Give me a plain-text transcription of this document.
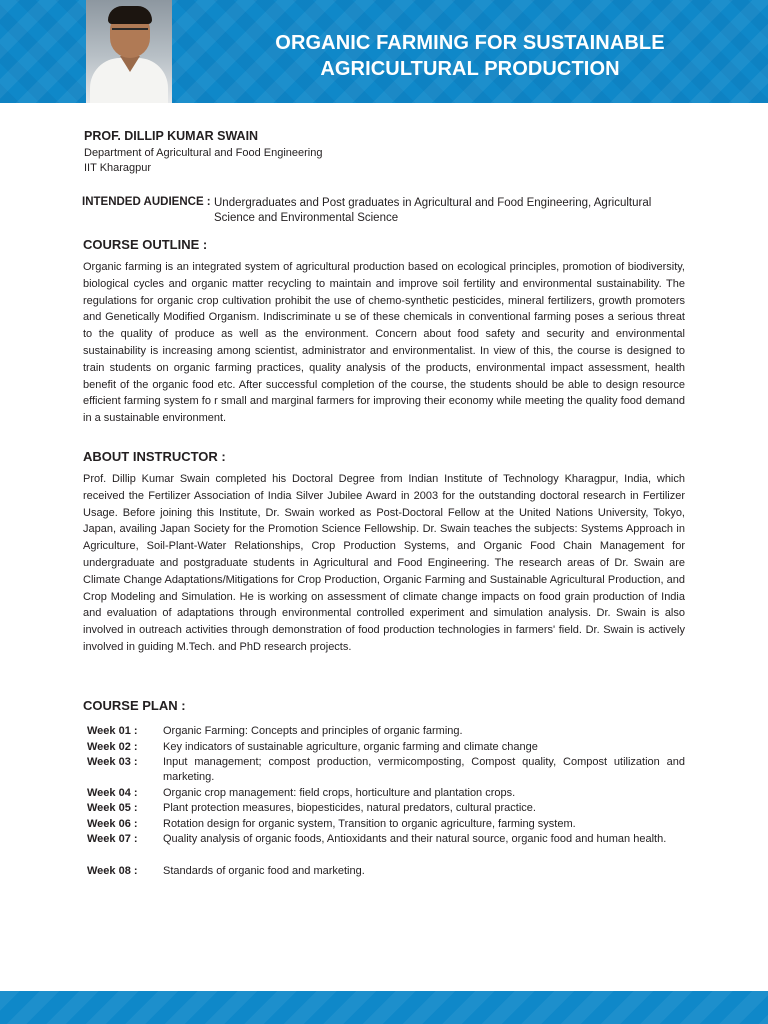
ORGANIC FARMING FOR SUSTAINABLE
AGRICULTURAL PRODUCTION
PROF. DILLIP KUMAR SWAIN
Department of Agricultural and Food Engineering
IIT Kharagpur
INTENDED AUDIENCE : Undergraduates and Post graduates in Agricultural and Food Engineering, Agricultural Science and Environmental Science
COURSE OUTLINE :

Organic farming is an integrated system of agricultural production based on ecological principles, promotion of biodiversity, biological cycles and organic matter recycling to maintain and improve soil fertility and environmental sustainability. The regulations for organic crop cultivation prohibit the use of chemo-synthetic pesticides, mineral fertilizers, growth promoters and Genetically Modified Organism. Indiscriminate u se of these chemicals in conventional farming poses a serious threat to the quality of produce as well as the environment. Concern about food safety and security and environmental sustainability is increasing among scientist, administrator and environmentalist. In view of this, the course is designed to train students on organic farming practices, quality analysis of the products, environmental impact assessment, health benefit of the organic food etc. After successful completion of the course, the students should be able to design resource efficient farming system fo r small and marginal farmers for improving their economy while meeting the quality food demand in a sustainable environment.

ABOUT INSTRUCTOR :

Prof. Dillip Kumar Swain completed his Doctoral Degree from Indian Institute of Technology Kharagpur, India, which received the Fertilizer Association of India Silver Jubilee Award in 2003 for the outstanding doctoral research in Fertilizer Usage. Before joining this Institute, Dr. Swain worked as Post-Doctoral Fellow at the United Nations University, Tokyo, Japan, availing Japan Society for the Promotion Science Fellowship. Dr. Swain teaches the subjects: Systems Approach in Agriculture, Soil-Plant-Water Relationships, Crop Production Systems, and Organic Food Chain Management for undergraduate and postgraduate students in Agricultural and Food Engineering. The research areas of Dr. Swain are Climate Change Adaptations/Mitigations for Crop Production, Organic Farming and Sustainable Agricultural Production, and Crop Modeling and Simulation. He is working on assessment of climate change impacts on food grain production of India and evaluation of adaptations through environmental controlled experiment and simulation analysis. Dr. Swain is also involved in outreach activities through demonstration of food production technologies in farmers' field. Dr. Swain is actively involved in guiding M.Tech. and PhD research projects.

COURSE PLAN :
Week 01 :	Organic Farming: Concepts and principles of organic farming.
Week 02 :	Key indicators of sustainable agriculture, organic farming and climate change
Week 03 :	Input management; compost production, vermicomposting, Compost quality, Compost utilization and marketing.
Week 04 :	Organic crop management: field crops, horticulture and plantation crops.
Week 05 :	Plant protection measures, biopesticides, natural predators, cultural practice.
Week 06 :	Rotation design for organic system, Transition to organic agriculture, farming system.
Week 07 :	Quality analysis of organic foods, Antioxidants and their natural source, organic food and human health.
Week 08 :	Standards of organic food and marketing.
